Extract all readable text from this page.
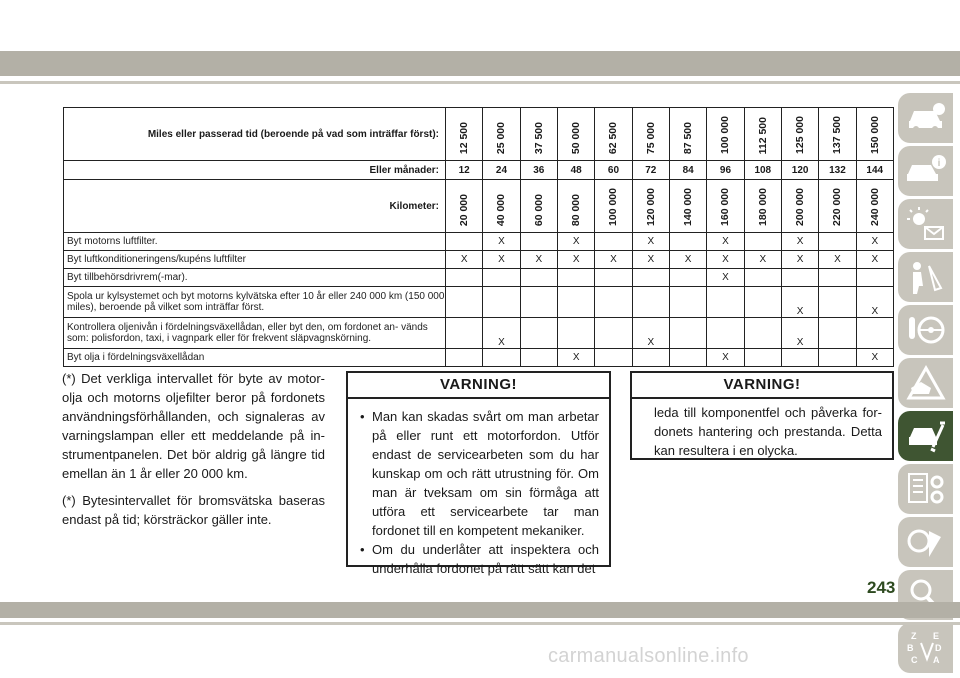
Miles eller passerad tid (beroende på vad som inträffar först):	12 500	25 000	37 500	50 000	62 500	75 000	87 500	100 000	112 500	125 000	137 500	150 000
Eller månader:	12	24	36	48	60	72	84	96	108	120	132	144
Kilometer:	20 000	40 000	60 000	80 000	100 000	120 000	140 000	160 000	180 000	200 000	220 000	240 000
Byt motorns luftfilter.		X		X		X		X		X		X
Byt luftkonditioneringens/kupéns luftfilter	X	X	X	X	X	X	X	X	X	X	X	X
Byt tillbehörsdrivrem(-mar).								X				
Spola ur kylsystemet och byt motorns kylvätska efter 10 år eller 240 000 km (150 000 miles), beroende på vilket som inträffar först.										X		X
Kontrollera oljenivån i fördelningsväxellådan, eller byt den, om fordonet an- vänds som: polisfordon, taxi, i vagnpark eller för frekvent släpvagnskörning.		X				X				X		
Byt olja i fördelningsväxellådan				X				X				X

(*) Det verkliga intervallet för byte av motor- olja och motorns oljefilter beror på fordonets användningsförhållanden, och signaleras av varningslampan eller ett meddelande på in- strumentpanelen. Det bör aldrig gå längre tid emellan än 1 år eller 20 000 km.

(*) Bytesintervallet för bromsvätska baseras endast på tid; körsträckor gäller inte.

VARNING!
• Man kan skadas svårt om man arbetar på eller runt ett motorfordon. Utför endast de servicearbeten som du har kunskap om och rätt utrustning för. Om man är tveksam om sin förmåga att utföra ett servicearbete tar man fordonet till en kompetent mekaniker.
• Om du underlåter att inspektera och underhålla fordonet på rätt sätt kan det
VARNING!
leda till komponentfel och påverka for- donets hantering och prestanda. Detta kan resultera i en olycka.
i
Z E
B D
C A
243
carmanualsonline.info
